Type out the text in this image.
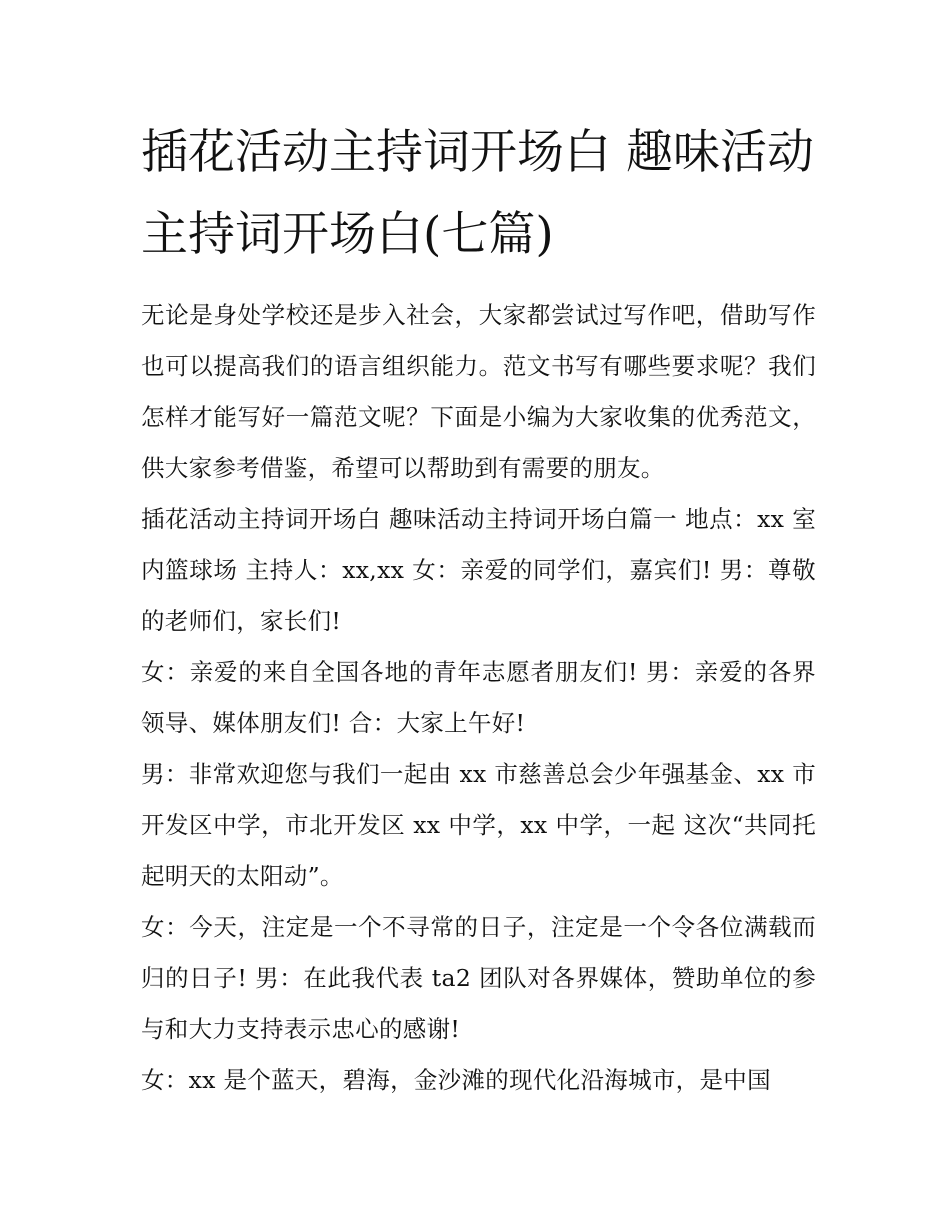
插花活动主持词开场白 趣味活动主持词开场白(七篇)

无论是身处学校还是步入社会，大家都尝试过写作吧，借助写作也可以提高我们的语言组织能力。范文书写有哪些要求呢？我们怎样才能写好一篇范文呢？下面是小编为大家收集的优秀范文，供大家参考借鉴，希望可以帮助到有需要的朋友。

插花活动主持词开场白 趣味活动主持词开场白篇一 地点：xx 室内篮球场 主持人：xx,xx 女：亲爱的同学们，嘉宾们! 男：尊敬的老师们，家长们!

女：亲爱的来自全国各地的青年志愿者朋友们! 男：亲爱的各界领导、媒体朋友们! 合：大家上午好!

男：非常欢迎您与我们一起由 xx 市慈善总会少年强基金、xx 市开发区中学，市北开发区 xx 中学，xx 中学，一起 这次“共同托起明天的太阳动”。

女：今天，注定是一个不寻常的日子，注定是一个令各位满载而归的日子! 男：在此我代表 ta2 团队对各界媒体，赞助单位的参与和大力支持表示忠心的感谢!

女：xx 是个蓝天，碧海，金沙滩的现代化沿海城市，是中国
